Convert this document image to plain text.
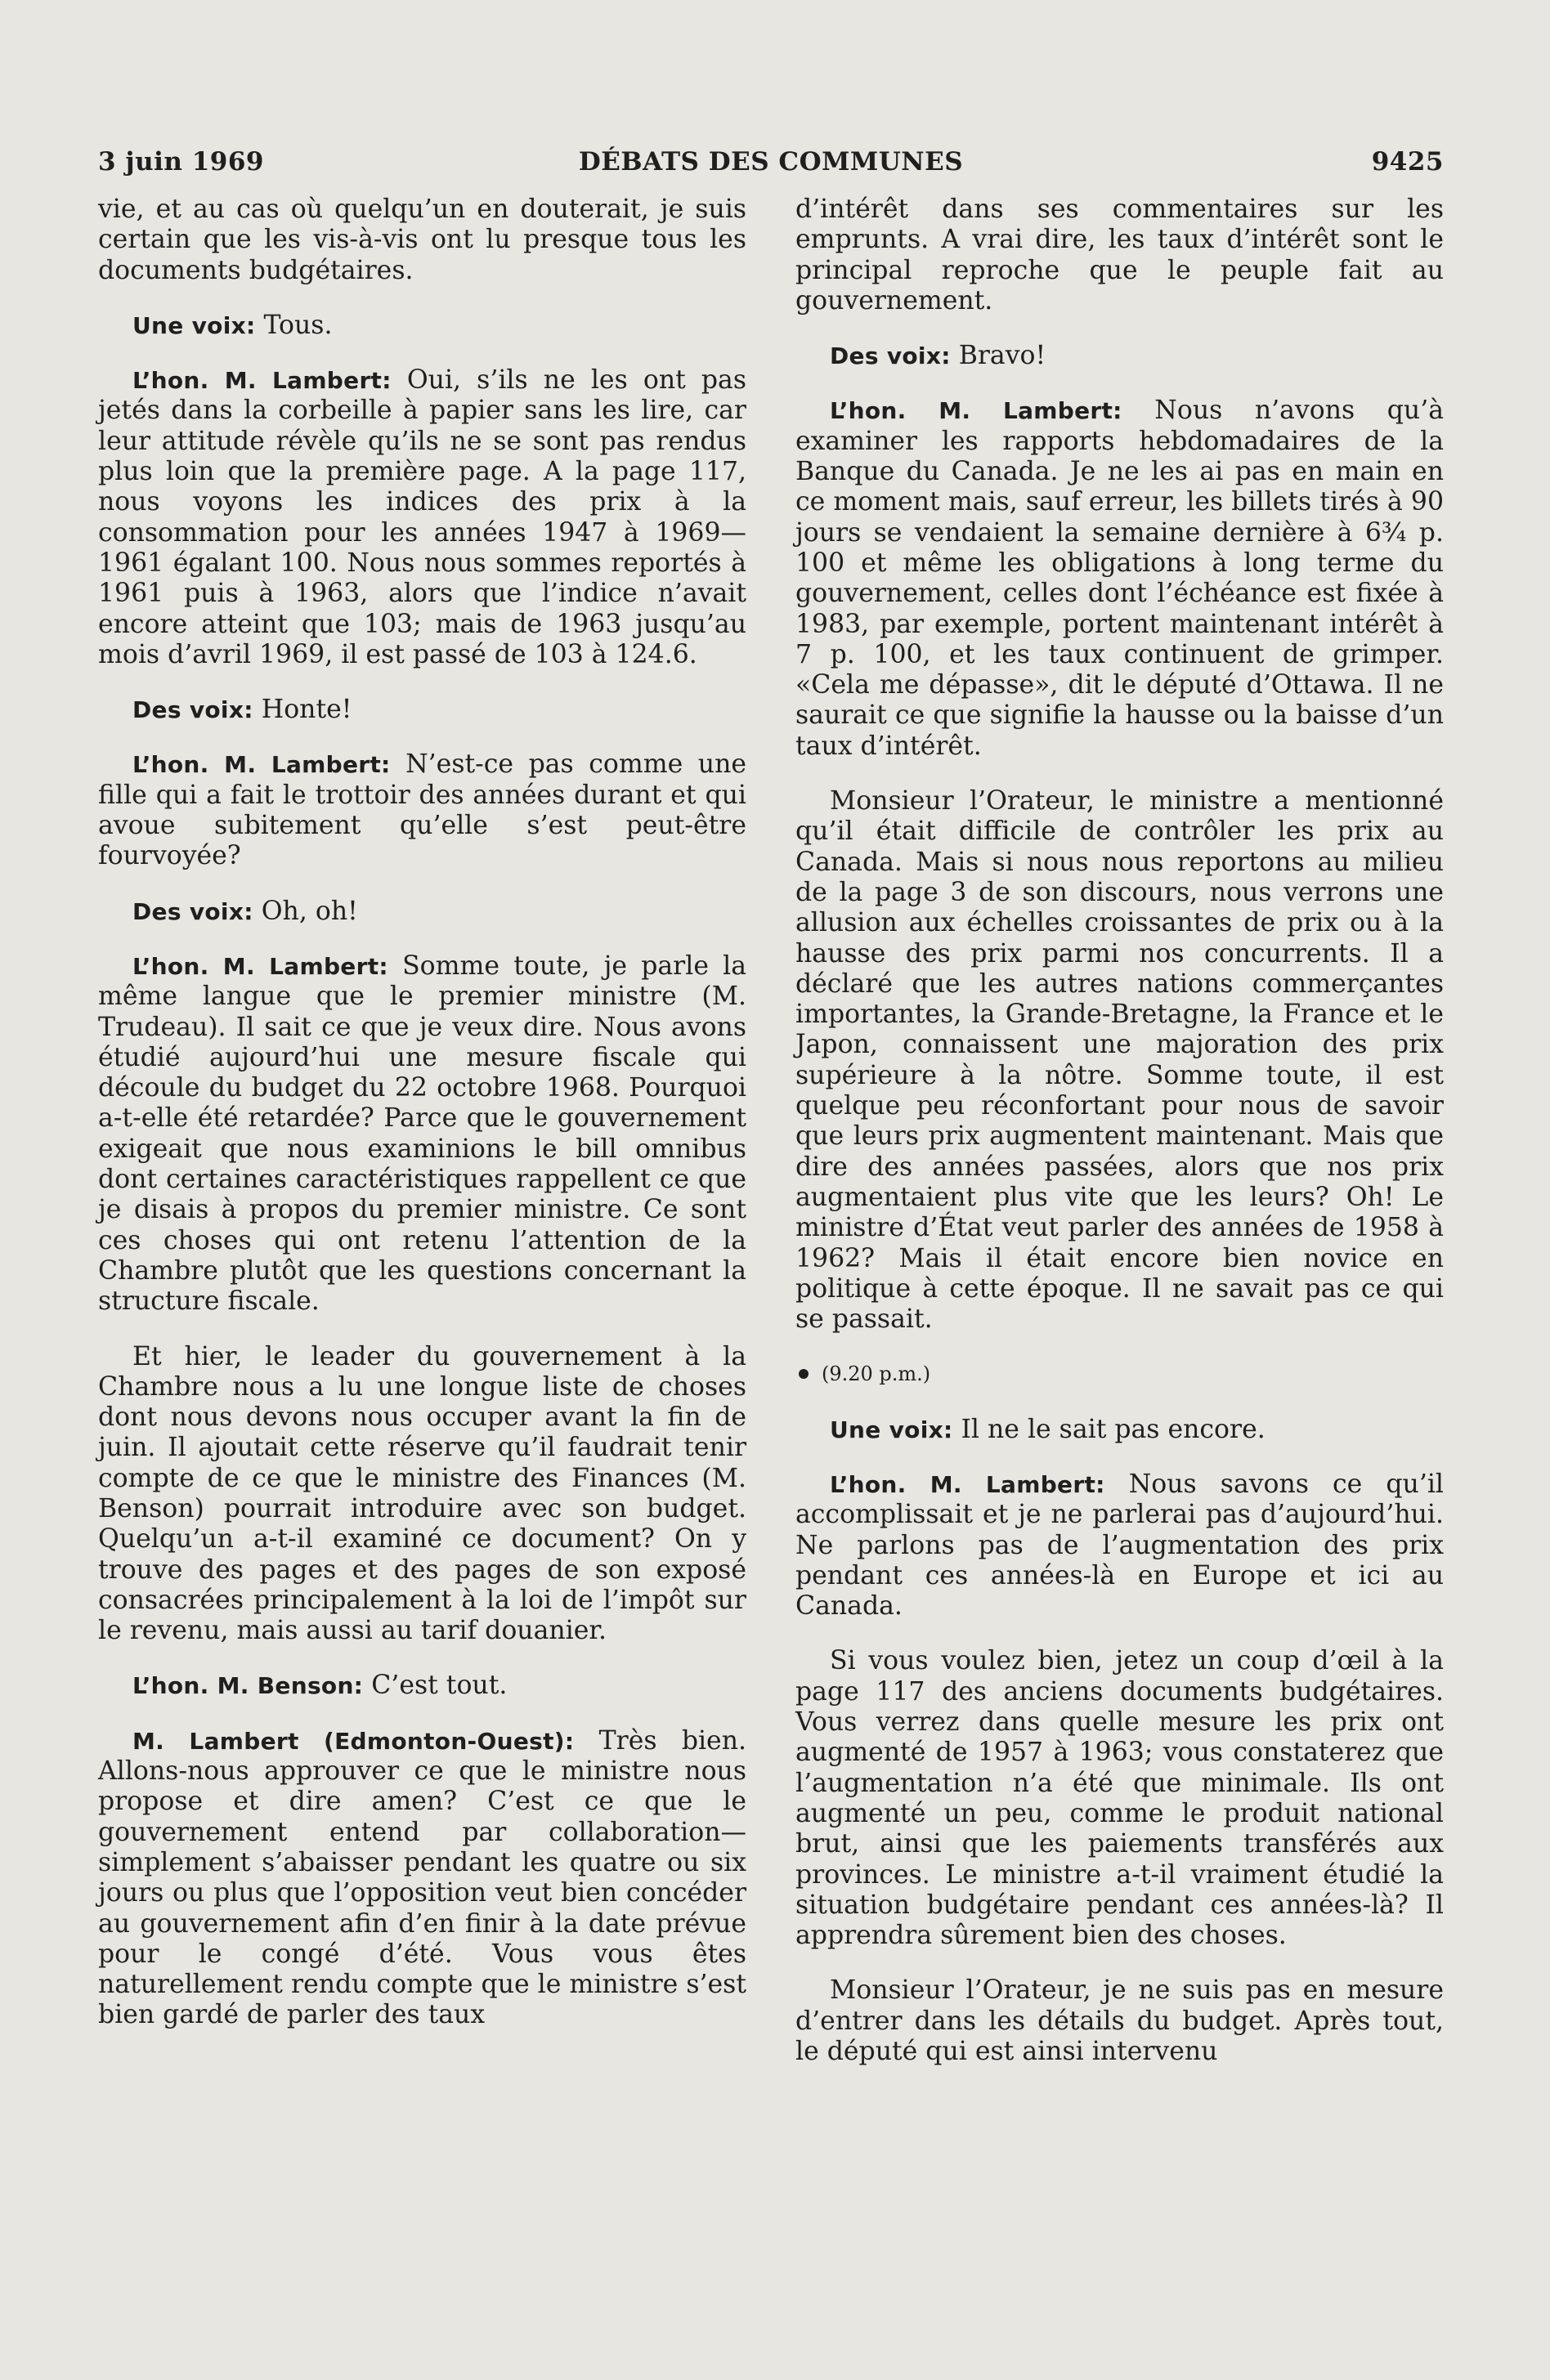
3 juin 1969	DÉBATS DES COMMUNES	9425

vie, et au cas où quelqu’un en douterait, je suis certain que les vis-à-vis ont lu presque tous les documents budgétaires.

Une voix: Tous.

L’hon. M. Lambert: Oui, s’ils ne les ont pas jetés dans la corbeille à papier sans les lire, car leur attitude révèle qu’ils ne se sont pas rendus plus loin que la première page. A la page 117, nous voyons les indices des prix à la consommation pour les années 1947 à 1969—1961 égalant 100. Nous nous sommes reportés à 1961 puis à 1963, alors que l’indice n’avait encore atteint que 103; mais de 1963 jusqu’au mois d’avril 1969, il est passé de 103 à 124.6.

Des voix: Honte!

L’hon. M. Lambert: N’est-ce pas comme une fille qui a fait le trottoir des années durant et qui avoue subitement qu’elle s’est peut-être fourvoyée?

Des voix: Oh, oh!

L’hon. M. Lambert: Somme toute, je parle la même langue que le premier ministre (M. Trudeau). Il sait ce que je veux dire. Nous avons étudié aujourd’hui une mesure fiscale qui découle du budget du 22 octobre 1968. Pourquoi a-t-elle été retardée? Parce que le gouvernement exigeait que nous examinions le bill omnibus dont certaines caractéristiques rappellent ce que je disais à propos du premier ministre. Ce sont ces choses qui ont retenu l’attention de la Chambre plutôt que les questions concernant la structure fiscale.

Et hier, le leader du gouvernement à la Chambre nous a lu une longue liste de choses dont nous devons nous occuper avant la fin de juin. Il ajoutait cette réserve qu’il faudrait tenir compte de ce que le ministre des Finances (M. Benson) pourrait introduire avec son budget. Quelqu’un a-t-il examiné ce document? On y trouve des pages et des pages de son exposé consacrées principalement à la loi de l’impôt sur le revenu, mais aussi au tarif douanier.

L’hon. M. Benson: C’est tout.

M. Lambert (Edmonton-Ouest): Très bien. Allons-nous approuver ce que le ministre nous propose et dire amen? C’est ce que le gouvernement entend par collaboration—simplement s’abaisser pendant les quatre ou six jours ou plus que l’opposition veut bien concéder au gouvernement afin d’en finir à la date prévue pour le congé d’été. Vous vous êtes naturellement rendu compte que le ministre s’est bien gardé de parler des taux

d’intérêt dans ses commentaires sur les emprunts. A vrai dire, les taux d’intérêt sont le principal reproche que le peuple fait au gouvernement.

Des voix: Bravo!

L’hon. M. Lambert: Nous n’avons qu’à examiner les rapports hebdomadaires de la Banque du Canada. Je ne les ai pas en main en ce moment mais, sauf erreur, les billets tirés à 90 jours se vendaient la semaine dernière à 6¾ p. 100 et même les obligations à long terme du gouvernement, celles dont l’échéance est fixée à 1983, par exemple, portent maintenant intérêt à 7 p. 100, et les taux continuent de grimper. «Cela me dépasse», dit le député d’Ottawa. Il ne saurait ce que signifie la hausse ou la baisse d’un taux d’intérêt.

Monsieur l’Orateur, le ministre a mentionné qu’il était difficile de contrôler les prix au Canada. Mais si nous nous reportons au milieu de la page 3 de son discours, nous verrons une allusion aux échelles croissantes de prix ou à la hausse des prix parmi nos concurrents. Il a déclaré que les autres nations commerçantes importantes, la Grande-Bretagne, la France et le Japon, connaissent une majoration des prix supérieure à la nôtre. Somme toute, il est quelque peu réconfortant pour nous de savoir que leurs prix augmentent maintenant. Mais que dire des années passées, alors que nos prix augmentaient plus vite que les leurs? Oh! Le ministre d’État veut parler des années de 1958 à 1962? Mais il était encore bien novice en politique à cette époque. Il ne savait pas ce qui se passait.

(9.20 p.m.)

Une voix: Il ne le sait pas encore.

L’hon. M. Lambert: Nous savons ce qu’il accomplissait et je ne parlerai pas d’aujourd’hui. Ne parlons pas de l’augmentation des prix pendant ces années-là en Europe et ici au Canada.

Si vous voulez bien, jetez un coup d’œil à la page 117 des anciens documents budgétaires. Vous verrez dans quelle mesure les prix ont augmenté de 1957 à 1963; vous constaterez que l’augmentation n’a été que minimale. Ils ont augmenté un peu, comme le produit national brut, ainsi que les paiements transférés aux provinces. Le ministre a-t-il vraiment étudié la situation budgétaire pendant ces années-là? Il apprendra sûrement bien des choses.

Monsieur l’Orateur, je ne suis pas en mesure d’entrer dans les détails du budget. Après tout, le député qui est ainsi intervenu
